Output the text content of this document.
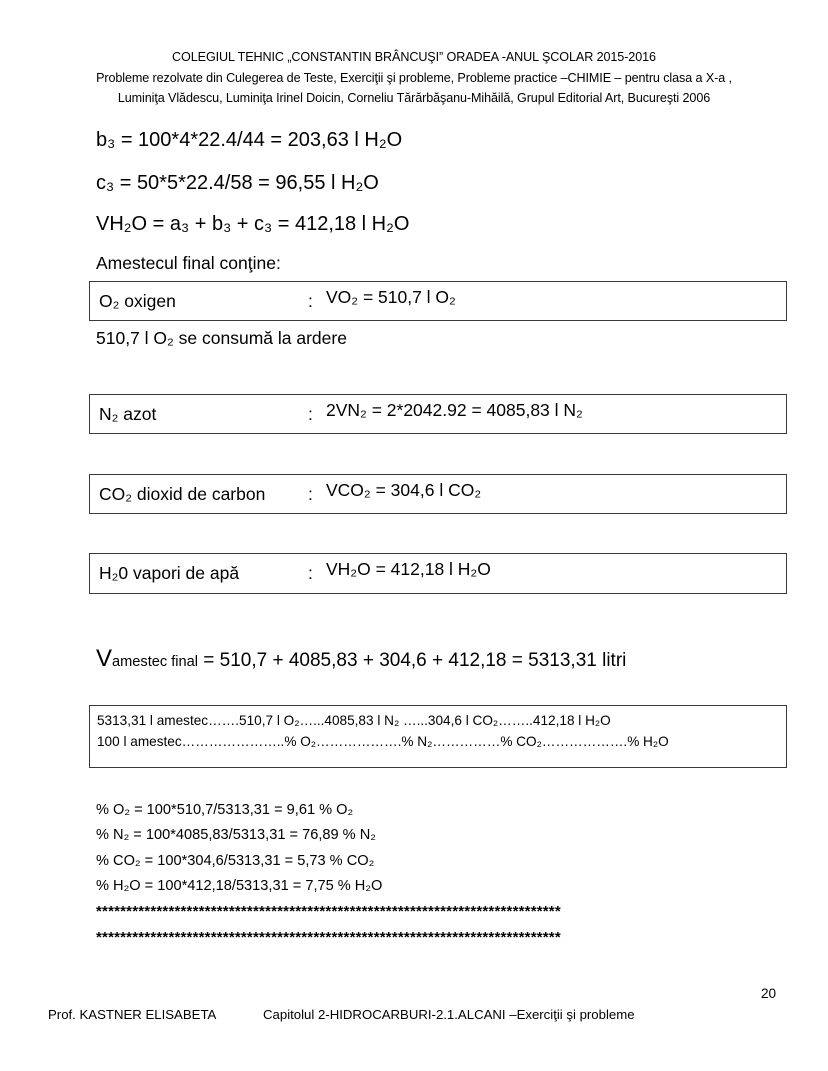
COLEGIUL TEHNIC „CONSTANTIN BRÂNCUŞI” ORADEA -ANUL ŞCOLAR 2015-2016
Probleme rezolvate din Culegerea de Teste, Exerciţii şi probleme, Probleme practice –CHIMIE – pentru clasa a X-a ,
Luminiţa Vlădescu, Luminiţa Irinel Doicin, Corneliu Tărărbăşanu-Mihăilă, Grupul Editorial Art, Bucureşti 2006
b₃ = 100*4*22.4/44 = 203,63 l H₂O
c₃ = 50*5*22.4/58 = 96,55 l H₂O
VH₂O = a₃ + b₃ + c₃ = 412,18 l H₂O
Amestecul final conţine:
O₂ oxigen	: VO₂ = 510,7 l O₂
510,7 l O₂ se consumă la ardere
N₂ azot	: 2VN₂ = 2*2042.92 = 4085,83 l N₂
CO₂ dioxid de carbon : VCO₂ = 304,6 l CO₂
H₂0 vapori de apă	: VH₂O = 412,18 l H₂O
Vamestec final = 510,7 + 4085,83 + 304,6 + 412,18 = 5313,31 litri
5313,31 l amestec…….510,7 l O₂…...4085,83 l N₂ …...304,6 l CO₂……..412,18 l H₂O
100 l amestec…………………..% O₂……………….% N₂……………% CO₂……………….% H₂O
% O₂ = 100*510,7/5313,31 = 9,61 % O₂
% N₂ = 100*4085,83/5313,31 = 76,89 % N₂
% CO₂ = 100*304,6/5313,31 = 5,73 % CO₂
% H₂O = 100*412,18/5313,31 = 7,75 % H₂O
*****************************************************************************
*****************************************************************************
20
Prof. KASTNER ELISABETA	Capitolul 2-HIDROCARBURI-2.1.ALCANI –Exerciţii şi probleme
